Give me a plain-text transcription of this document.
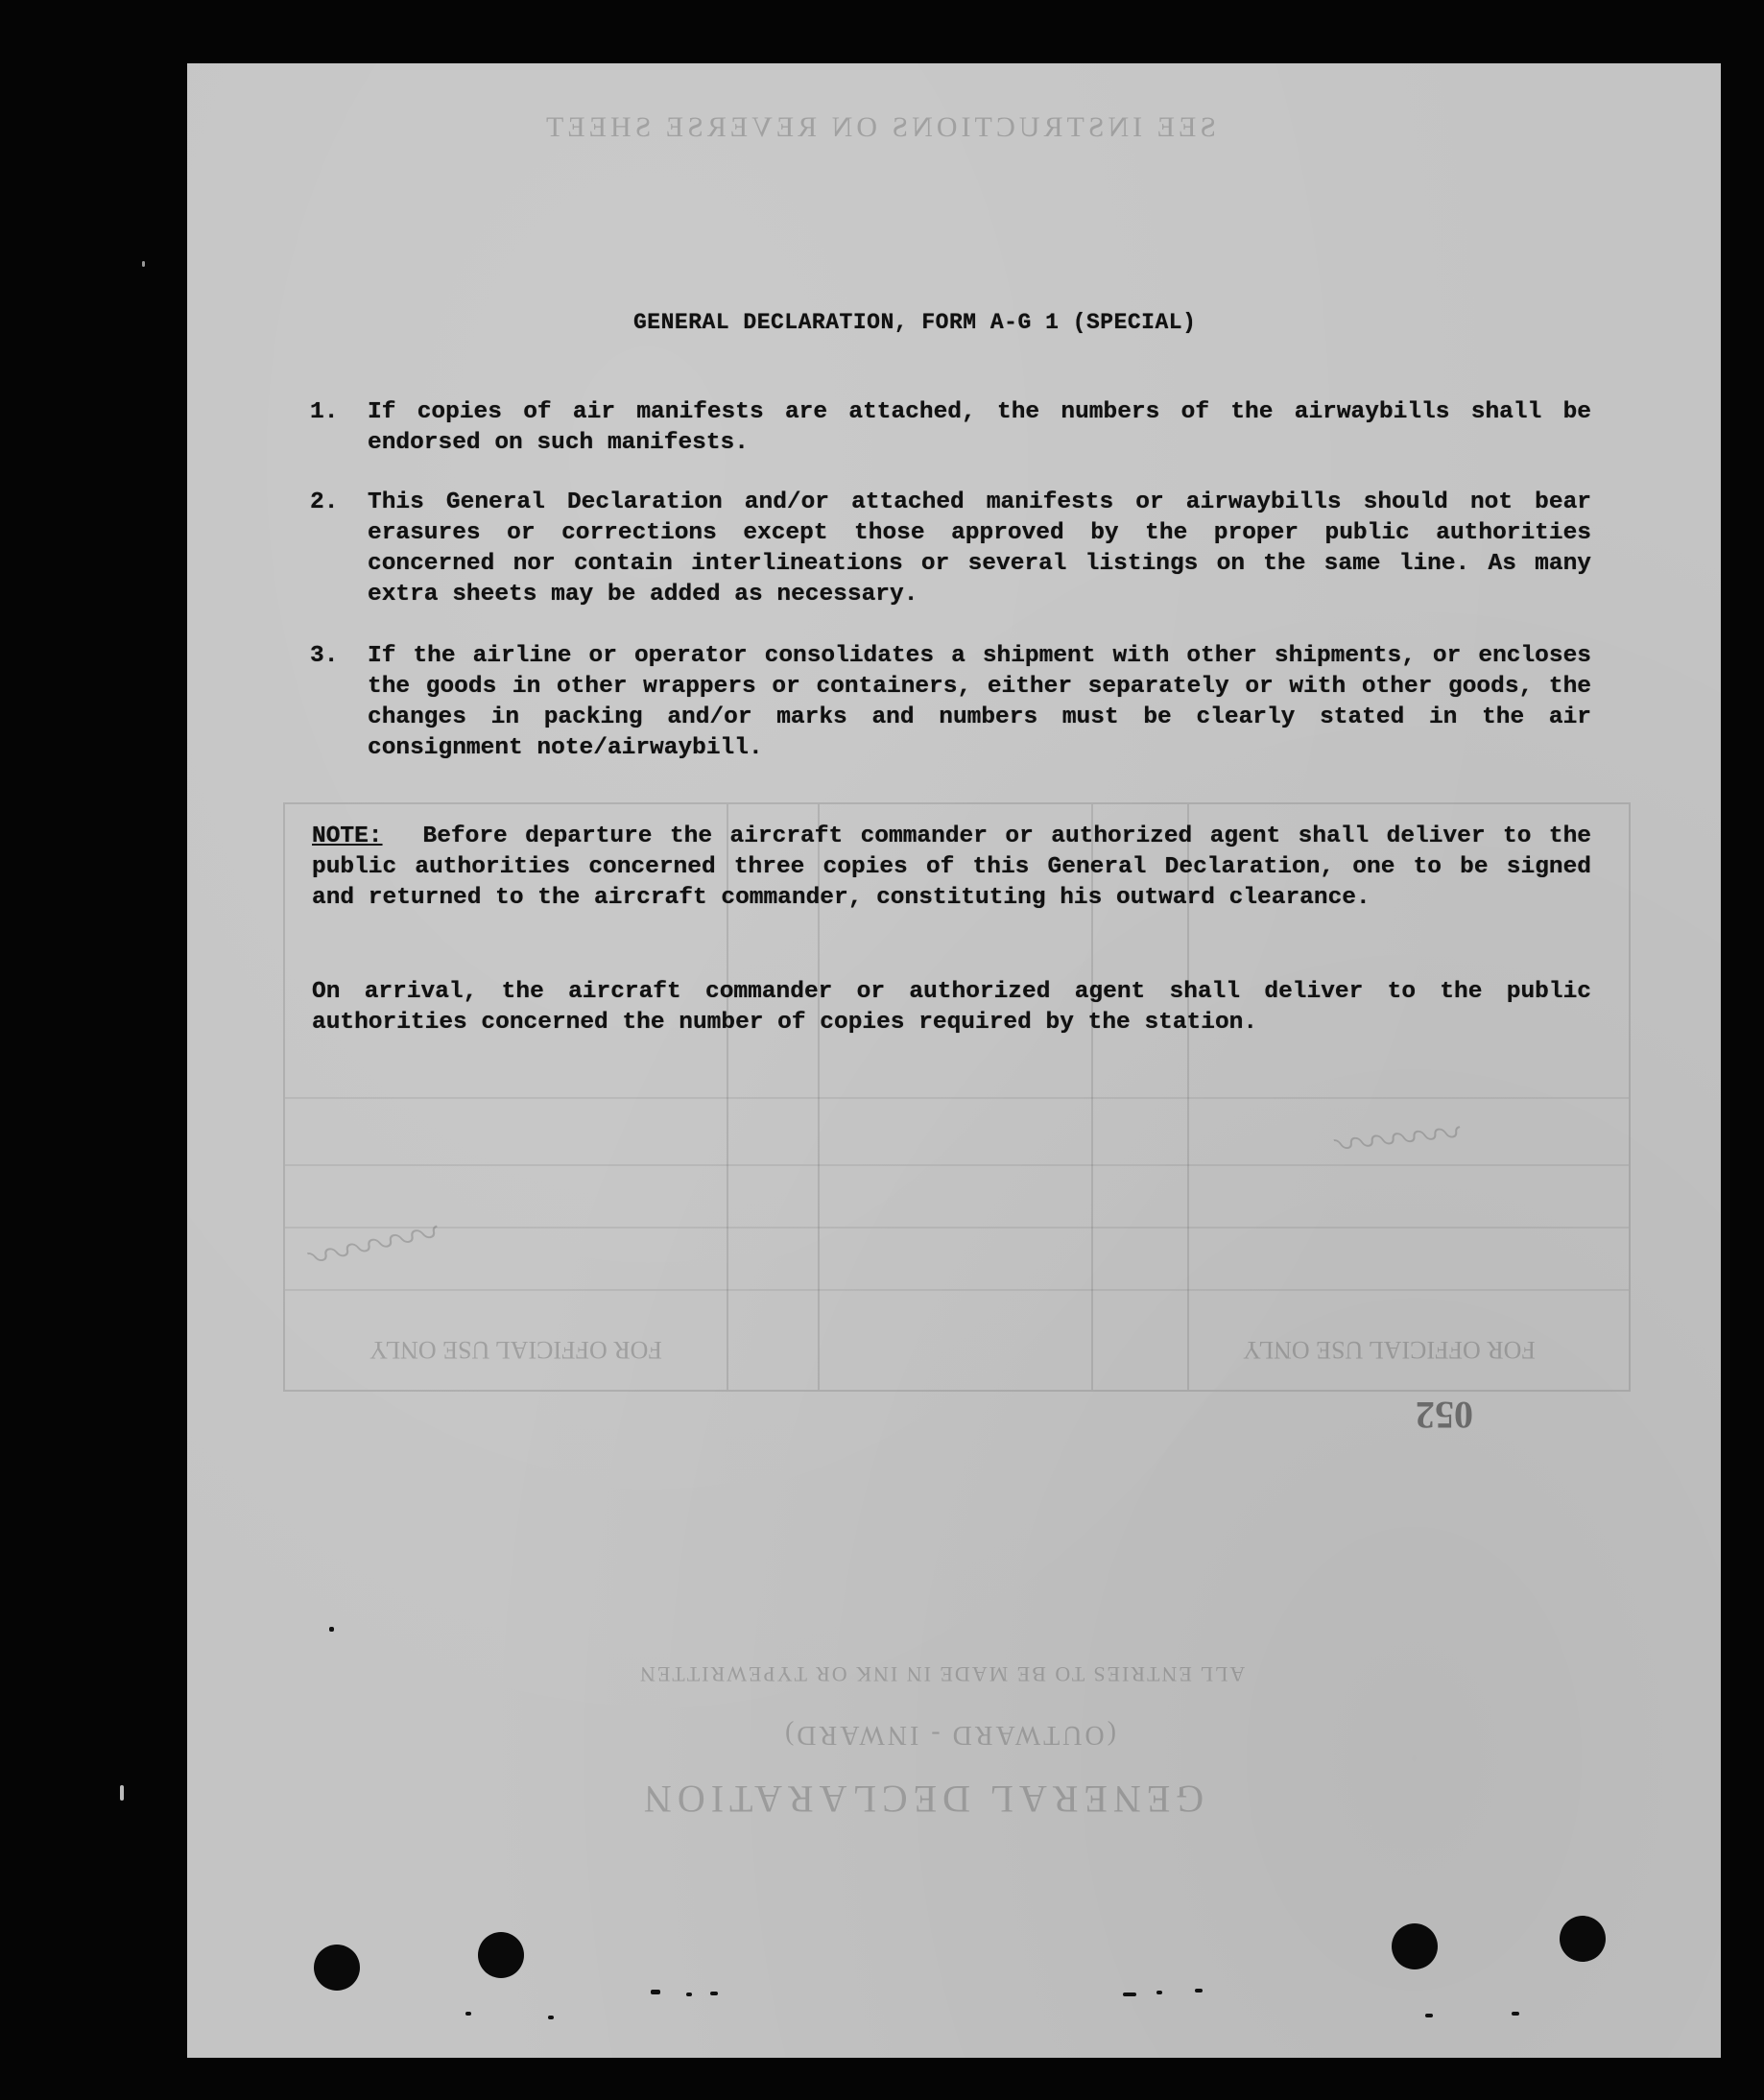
SEE INSTRUCTIONS ON REVERSE SHEET
FOR OFFICIAL USE ONLY	FOR OFFICIAL USE ONLY
052
ALL ENTRIES TO BE MADE IN INK OR TYPEWRITTEN
(OUTWARD - INWARD)
GENERAL DECLARATION
〰〰〰
〰〰〰
GENERAL DECLARATION, FORM A-G 1 (SPECIAL)
1. If copies of air manifests are attached, the numbers of the airwaybills shall be endorsed on such manifests.
2. This General Declaration and/or attached manifests or airwaybills should not bear erasures or corrections except those approved by the proper public authorities concerned nor contain interlineations or several listings on the same line. As many extra sheets may be added as necessary.
3. If the airline or operator consolidates a shipment with other shipments, or encloses the goods in other wrappers or containers, either separately or with other goods, the changes in packing and/or marks and numbers must be clearly stated in the air consignment note/airwaybill.
NOTE: Before departure the aircraft commander or authorized agent shall deliver to the public authorities concerned three copies of this General Declaration, one to be signed and returned to the aircraft commander, constituting his outward clearance.
On arrival, the aircraft commander or authorized agent shall deliver to the public authorities concerned the number of copies required by the station.
